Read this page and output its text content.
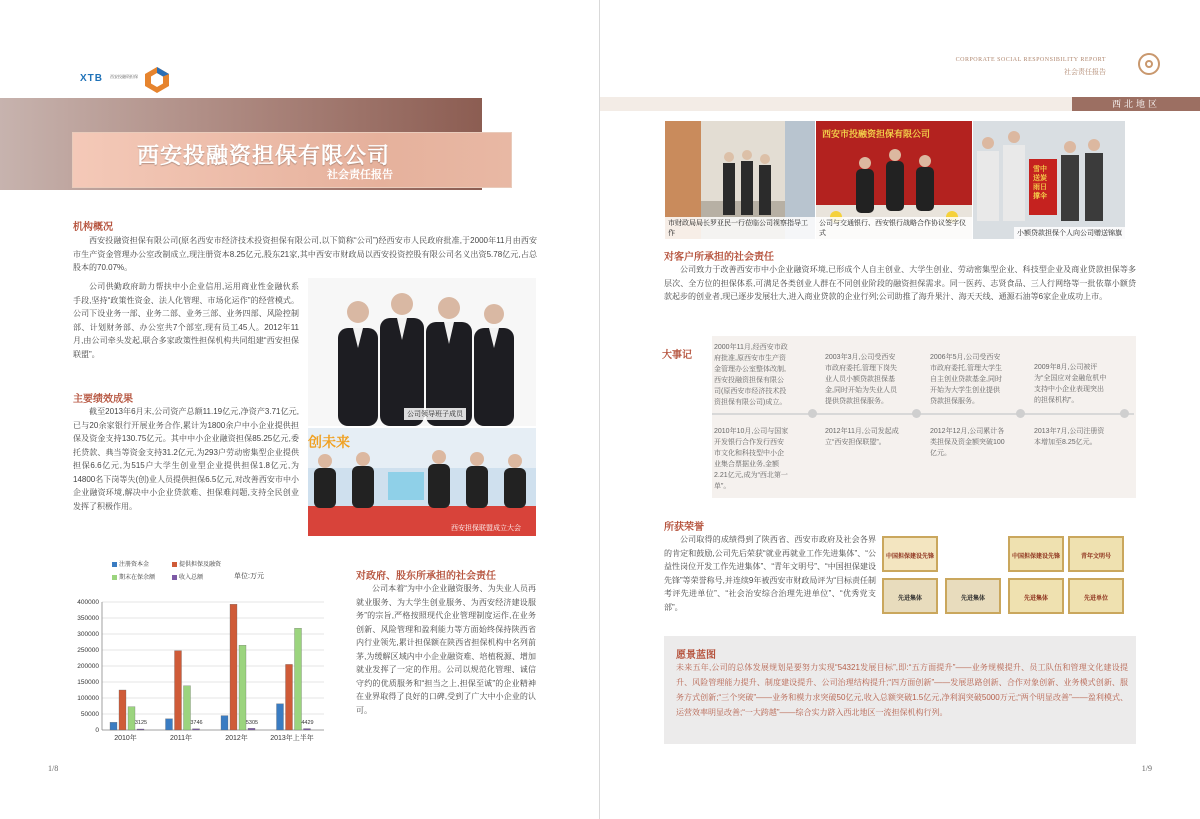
XTB 西安投融资担保
西安投融资担保有限公司
社会责任报告
机构概况
西安投融资担保有限公司(原名西安市经济技术投资担保有限公司,以下简称“公司”)经西安市人民政府批准,于2000年11月由西安市生产资金管理办公室改制成立,现注册资本8.25亿元,股东21家,其中西安市财政局以西安投资控股有限公司名义出资5.78亿元,占总股本的70.07%。
公司供勤政府助力帮扶中小企业信用,运用商业性金融伙系手段,坚持“政策性资金、法人化管理、市场化运作”的经营模式。公司下设业务一部、业务二部、业务三部、业务四部、风险控制部、计划财务部、办公室共7个部室,现有员工45人。2012年11月,由公司牵头发起,联合多家政策性担保机构共同组建“西安担保联盟”。
公司领导班子成员
主要绩效成果
截至2013年6月末,公司资产总额11.19亿元,净资产3.71亿元,已与20余家银行开展业务合作,累计为1800余户中小企业提供担保及资金支持130.75亿元。其中中小企业融资担保85.25亿元,委托贷款、典当等资金支持31.2亿元,为293户劳动密集型企业提供担保6.6亿元,为515户大学生创业型企业提供担保1.8亿元,为14800名下岗等失(创)业人员提供担保6.5亿元,对改善西安市中小企业融资环境,解决中小企业贷款难、担保难问题,支持全民创业发挥了积极作用。
创未来
西安担保联盟成立大会
注册资本金	提供担保及融资
期末在保余额	收入总额	单位:万元
0
50000
100000
150000
200000
250000
300000
350000
400000
3125
2010年
3746
2011年
5305
2012年
4429
2013年上半年
对政府、股东所承担的社会责任
公司本着“为中小企业融资服务、为失业人员再就业服务、为大学生创业服务、为西安经济建设服务”的宗旨,严格按照现代企业管理制度运作,在业务创新、风险管理和盈利能力等方面始终保持陕西省内行业领先,累计担保额在陕西省担保机构中名列前茅,为缓解区域内中小企业融资难、培植税源、增加就业发挥了一定的作用。公司以规范化管理、诚信守约的优质服务和“担当之上,担保至诚”的企业精神在业界取得了良好的口碑,受到了广大中小企业的认可。
1/8
CORPORATE SOCIAL RESPONSIBILITY REPORT
社会责任报告
西北地区
市财政局局长罗亚民一行莅临公司视察指导工作
西安市投融资担保有限公司
公司与交通银行、西安银行战略合作协议签字仪式
雪中送炭 雨日撑伞
小额贷款担保个人向公司赠送锦旗
对客户所承担的社会责任
公司致力于改善西安市中小企业融资环境,已形成个人自主创业、大学生创业、劳动密集型企业、科技型企业及商业贷款担保等多层次、全方位的担保体系,可满足各类创业人群在不同创业阶段的融资担保需求。同一医药、志贤食品、三人行网络等一批依靠小额贷款起步的创业者,现已逐步发展壮大,进入商业贷款的企业行列;公司助推了海升果汁、海天天线、通源石油等6家企业成功上市。
大事记
2000年11月,经西安市政府批准,原西安市生产资金管理办公室整体改制,西安投融资担保有限公司(原西安市经济技术投资担保有限公司)成立。
2003年3月,公司受西安市政府委托,管理下岗失业人员小额贷款担保基金,同时开始为失业人员提供贷款担保服务。
2006年5月,公司受西安市政府委托,管理大学生自主创业贷款基金,同时开始为大学生创业提供贷款担保服务。
2009年8月,公司被评为“全国应对金融危机中支持中小企业表现突出的担保机构”。
2010年10月,公司与国家开发银行合作发行西安市文化和科技型中小企业集合票据业务,金额2.21亿元,成为“西北第一单”。
2012年11月,公司发起成立“西安担保联盟”。
2012年12月,公司累计各类担保及资金额突破100亿元。
2013年7月,公司注册资本增加至8.25亿元。
所获荣誉
公司取得的成绩得到了陕西省、西安市政府及社会各界的肯定和鼓励,公司先后荣获“就业再就业工作先进集体”、“公益性岗位开发工作先进集体”、“青年文明号”、“中国担保建设先锋”等荣誉称号,并连续9年被西安市财政局评为“目标责任制考评先进单位”、“社会治安综合治理先进单位”、“优秀党支部”。
中国担保建设先锋	中国担保建设先锋	青年文明号
先进集体	先进集体	先进集体	先进单位
愿景蓝图
未来五年,公司的总体发展规划是要努力实现“54321发展目标”,即:“五方面提升”——业务规模提升、员工队伍和管理文化建设提升、风险管理能力提升、制度建设提升、公司治理结构提升;“四方面创新”——发展思路创新、合作对象创新、业务模式创新、服务方式创新;“三个突破”——业务和模力求突破50亿元,收入总额突破1.5亿元,净利润突破5000万元;“两个明显改善”——盈利模式、运营效率明显改善;“一大跨越”——综合实力跻入西北地区一流担保机构行列。
1/9
